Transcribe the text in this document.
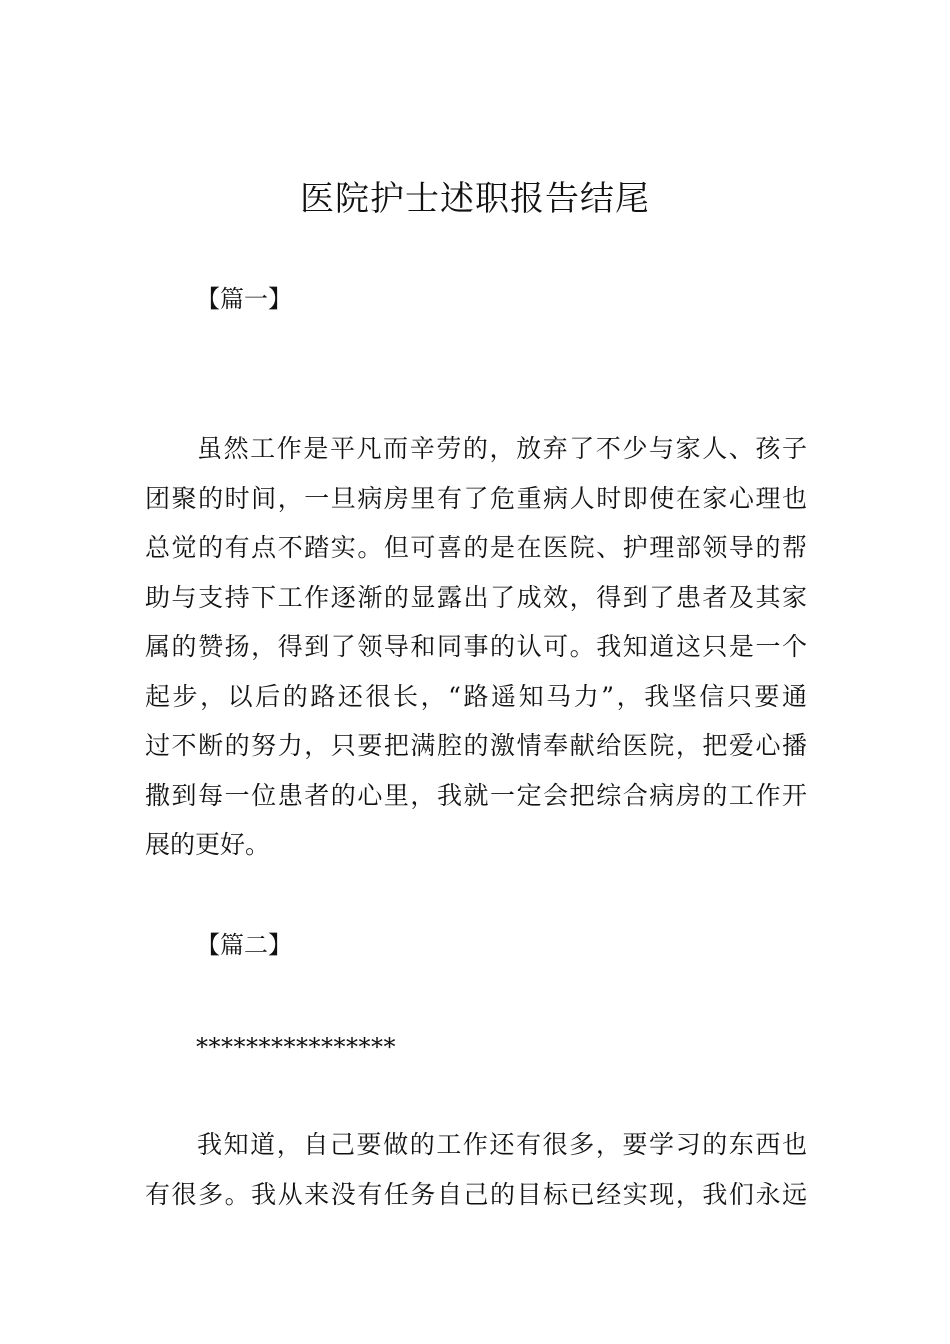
医院护士述职报告结尾
【篇一】
虽然工作是平凡而辛劳的，放弃了不少与家人、孩子
团聚的时间，一旦病房里有了危重病人时即使在家心理也
总觉的有点不踏实。但可喜的是在医院、护理部领导的帮
助与支持下工作逐渐的显露出了成效，得到了患者及其家
属的赞扬，得到了领导和同事的认可。我知道这只是一个
起步，以后的路还很长，“路遥知马力”，我坚信只要通
过不断的努力，只要把满腔的激情奉献给医院，把爱心播
撒到每一位患者的心里，我就一定会把综合病房的工作开
展的更好。
【篇二】
****************
我知道，自己要做的工作还有很多，要学习的东西也
有很多。我从来没有任务自己的目标已经实现，我们永远
